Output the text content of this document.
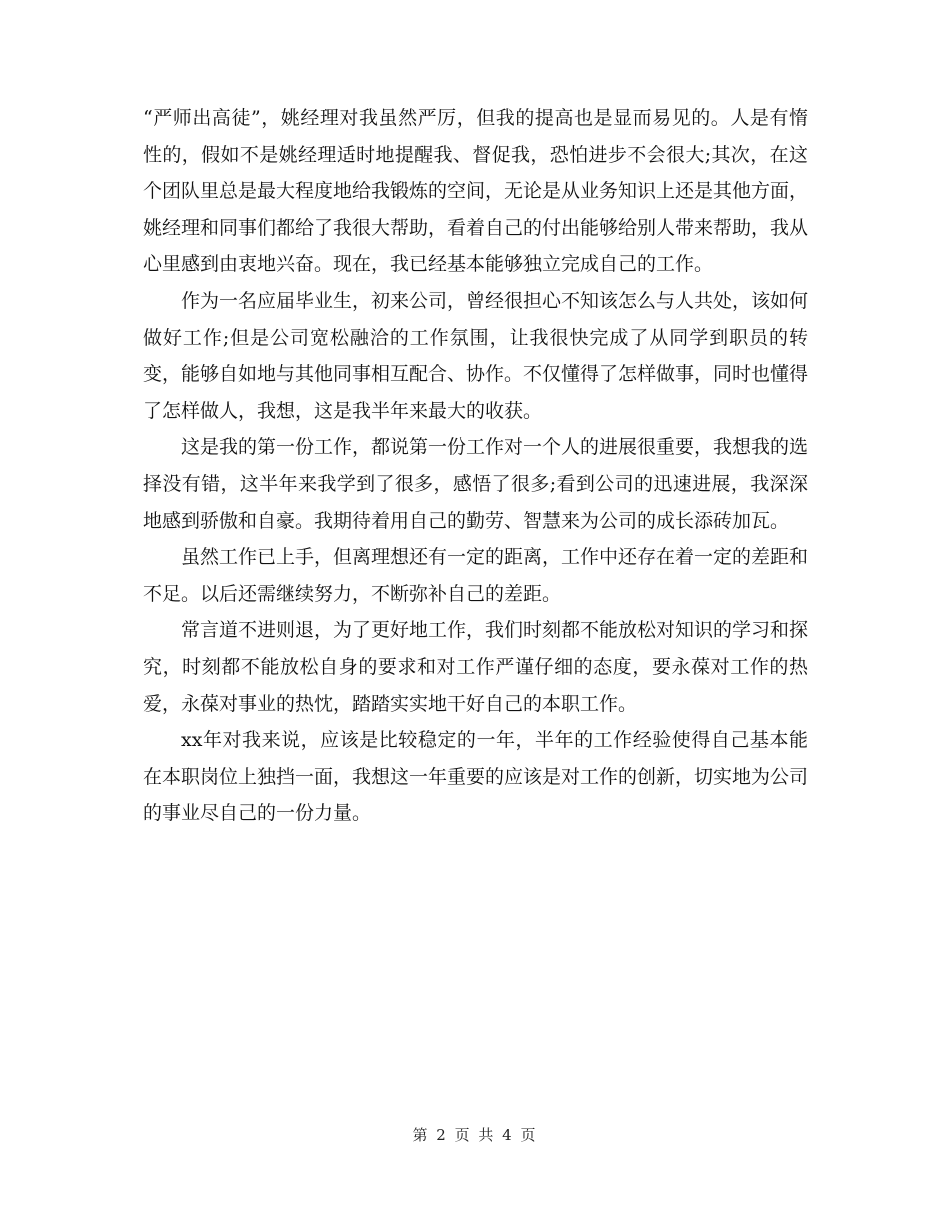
“严师出高徒”，姚经理对我虽然严厉，但我的提高也是显而易见的。人是有惰性的，假如不是姚经理适时地提醒我、督促我，恐怕进步不会很大;其次，在这个团队里总是最大程度地给我锻炼的空间，无论是从业务知识上还是其他方面，姚经理和同事们都给了我很大帮助，看着自己的付出能够给别人带来帮助，我从心里感到由衷地兴奋。现在，我已经基本能够独立完成自己的工作。

作为一名应届毕业生，初来公司，曾经很担心不知该怎么与人共处，该如何做好工作;但是公司宽松融洽的工作氛围，让我很快完成了从同学到职员的转变，能够自如地与其他同事相互配合、协作。不仅懂得了怎样做事，同时也懂得了怎样做人，我想，这是我半年来最大的收获。

这是我的第一份工作，都说第一份工作对一个人的进展很重要，我想我的选择没有错，这半年来我学到了很多，感悟了很多;看到公司的迅速进展，我深深地感到骄傲和自豪。我期待着用自己的勤劳、智慧来为公司的成长添砖加瓦。

虽然工作已上手，但离理想还有一定的距离，工作中还存在着一定的差距和不足。以后还需继续努力，不断弥补自己的差距。

常言道不进则退，为了更好地工作，我们时刻都不能放松对知识的学习和探究，时刻都不能放松自身的要求和对工作严谨仔细的态度，要永葆对工作的热爱，永葆对事业的热忱，踏踏实实地干好自己的本职工作。

xx年对我来说，应该是比较稳定的一年，半年的工作经验使得自己基本能在本职岗位上独挡一面，我想这一年重要的应该是对工作的创新，切实地为公司的事业尽自己的一份力量。

第 2 页 共 4 页
